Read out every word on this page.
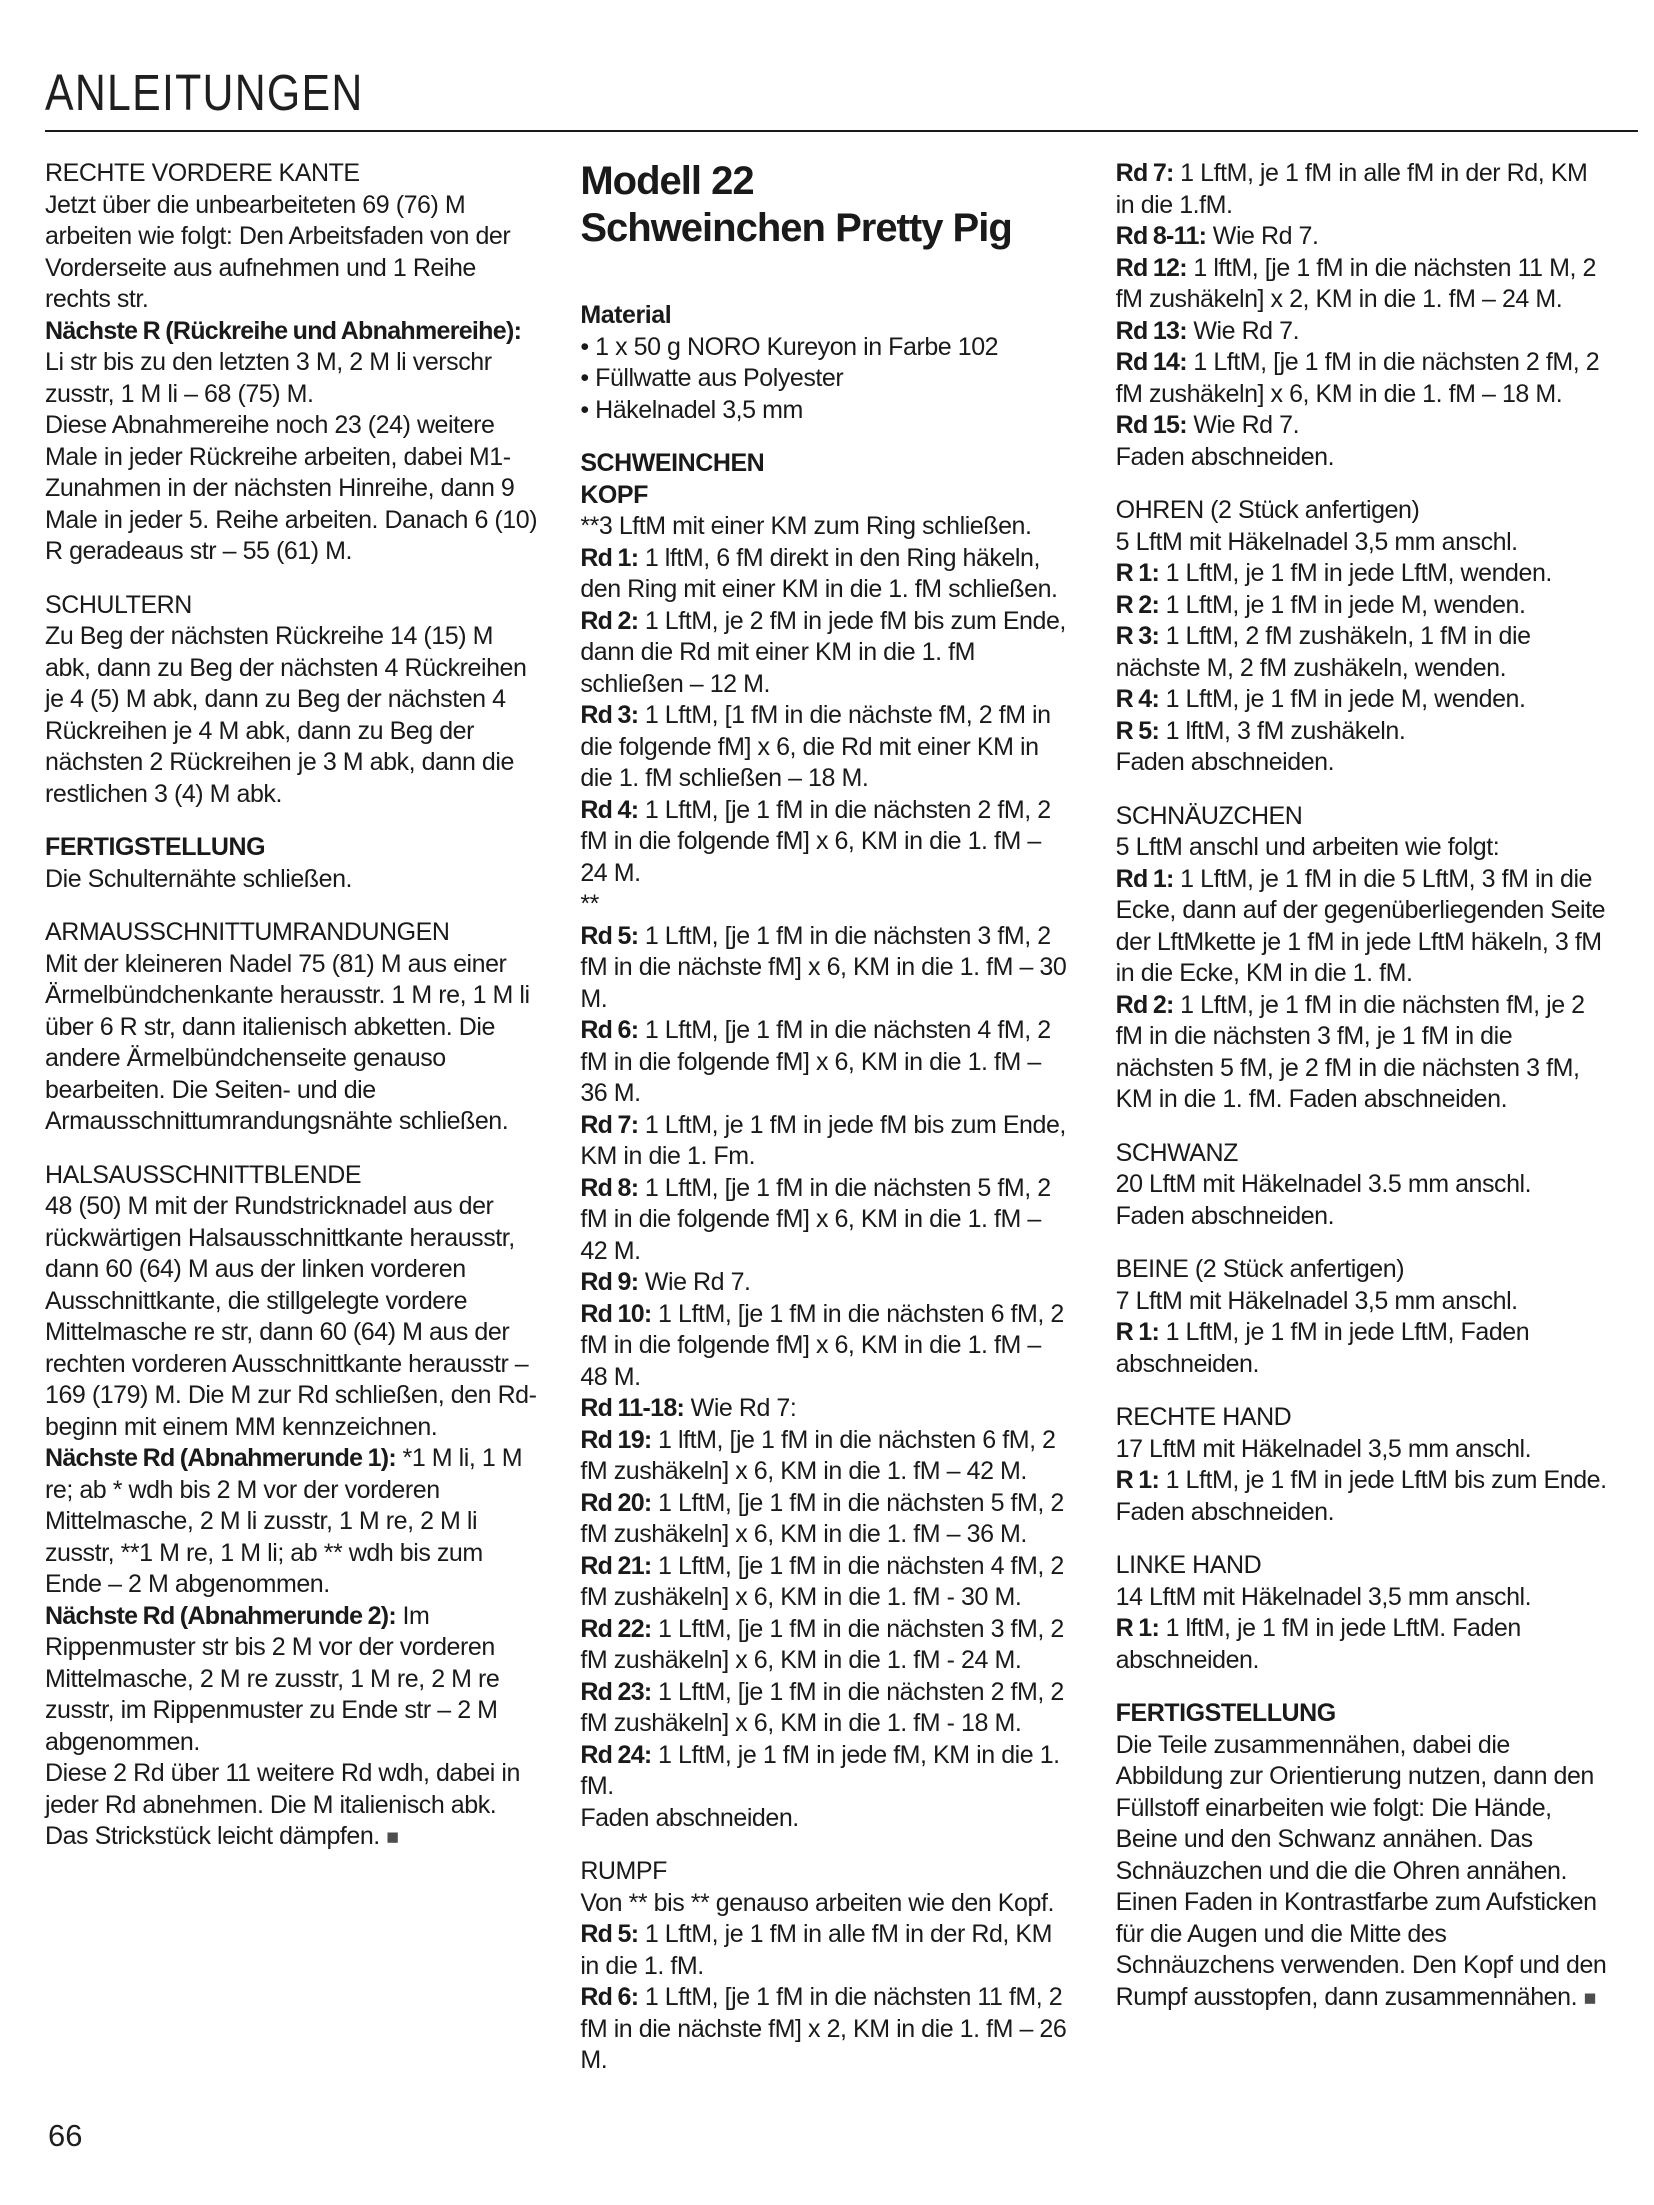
ANLEITUNGEN

RECHTE VORDERE KANTE

Jetzt über die unbearbeiteten 69 (76) M arbeiten wie folgt: Den Arbeitsfaden von der Vorderseite aus aufnehmen und 1 Reihe rechts str.

Nächste R (Rückreihe und Abnahmereihe): Li str bis zu den letzten 3 M, 2 M li verschr zusstr, 1 M li – 68 (75) M.

Diese Abnahmereihe noch 23 (24) weitere Male in jeder Rückreihe arbeiten, dabei M1-Zunahmen in der nächsten Hinreihe, dann 9 Male in jeder 5. Reihe arbeiten. Danach 6 (10) R geradeaus str – 55 (61) M.

SCHULTERN

Zu Beg der nächsten Rückreihe 14 (15) M abk, dann zu Beg der nächsten 4 Rückreihen je 4 (5) M abk, dann zu Beg der nächsten 4 Rückreihen je 4 M abk, dann zu Beg der nächsten 2 Rückreihen je 3 M abk, dann die restlichen 3 (4) M abk.

FERTIGSTELLUNG

Die Schulternähte schließen.

ARMAUSSCHNITTUMRANDUNGEN

Mit der kleineren Nadel 75 (81) M aus einer Ärmelbündchenkante herausstr. 1 M re, 1 M li über 6 R str, dann italienisch abketten. Die andere Ärmelbündchenseite genauso bearbeiten. Die Seiten- und die Armausschnittumrandungsnähte schließen.

HALSAUSSCHNITTBLENDE

48 (50) M mit der Rundstricknadel aus der rückwärtigen Halsausschnittkante herausstr, dann 60 (64) M aus der linken vorderen Ausschnittkante, die stillgelegte vordere Mittelmasche re str, dann 60 (64) M aus der rechten vorderen Ausschnittkante herausstr – 169 (179) M. Die M zur Rd schließen, den Rd-beginn mit einem MM kennzeichnen.

Nächste Rd (Abnahmerunde 1): *1 M li, 1 M re; ab * wdh bis 2 M vor der vorderen Mittelmasche, 2 M li zusstr, 1 M re, 2 M li zusstr, **1 M re, 1 M li; ab ** wdh bis zum Ende – 2 M abgenommen.

Nächste Rd (Abnahmerunde 2): Im Rippenmuster str bis 2 M vor der vorderen Mittelmasche, 2 M re zusstr, 1 M re, 2 M re zusstr, im Rippenmuster zu Ende str – 2 M abgenommen.

Diese 2 Rd über 11 weitere Rd wdh, dabei in jeder Rd abnehmen. Die M italienisch abk. Das Strickstück leicht dämpfen. ■

Modell 22
Schweinchen Pretty Pig

Material

• 1 x 50 g NORO Kureyon in Farbe 102

• Füllwatte aus Polyester

• Häkelnadel 3,5 mm

SCHWEINCHEN

KOPF

**3 LftM mit einer KM zum Ring schließen.

Rd 1: 1 lftM, 6 fM direkt in den Ring häkeln, den Ring mit einer KM in die 1. fM schließen.

Rd 2: 1 LftM, je 2 fM in jede fM bis zum Ende, dann die Rd mit einer KM in die 1. fM schließen – 12 M.

Rd 3: 1 LftM, [1 fM in die nächste fM, 2 fM in die folgende fM] x 6, die Rd mit einer KM in die 1. fM schließen – 18 M.

Rd 4: 1 LftM, [je 1 fM in die nächsten 2 fM, 2 fM in die folgende fM] x 6, KM in die 1. fM – 24 M.

**

Rd 5: 1 LftM, [je 1 fM in die nächsten 3 fM, 2 fM in die nächste fM] x 6, KM in die 1. fM – 30 M.

Rd 6: 1 LftM, [je 1 fM in die nächsten 4 fM, 2 fM in die folgende fM] x 6, KM in die 1. fM – 36 M.

Rd 7: 1 LftM, je 1 fM in jede fM bis zum Ende, KM in die 1. Fm.

Rd 8: 1 LftM, [je 1 fM in die nächsten 5 fM, 2 fM in die folgende fM] x 6, KM in die 1. fM – 42 M.

Rd 9: Wie Rd 7.

Rd 10: 1 LftM, [je 1 fM in die nächsten 6 fM, 2 fM in die folgende fM] x 6, KM in die 1. fM – 48 M.

Rd 11-18: Wie Rd 7:

Rd 19: 1 lftM, [je 1 fM in die nächsten 6 fM, 2 fM zushäkeln] x 6, KM in die 1. fM – 42 M.

Rd 20: 1 LftM, [je 1 fM in die nächsten 5 fM, 2 fM zushäkeln] x 6, KM in die 1. fM – 36 M.

Rd 21: 1 LftM, [je 1 fM in die nächsten 4 fM, 2 fM zushäkeln] x 6, KM in die 1. fM - 30 M.

Rd 22: 1 LftM, [je 1 fM in die nächsten 3 fM, 2 fM zushäkeln] x 6, KM in die 1. fM - 24 M.

Rd 23: 1 LftM, [je 1 fM in die nächsten 2 fM, 2 fM zushäkeln] x 6, KM in die 1. fM - 18 M.

Rd 24: 1 LftM, je 1 fM in jede fM, KM in die 1. fM.

Faden abschneiden.

RUMPF

Von ** bis ** genauso arbeiten wie den Kopf.

Rd 5: 1 LftM, je 1 fM in alle fM in der Rd, KM in die 1. fM.

Rd 6: 1 LftM, [je 1 fM in die nächsten 11 fM, 2 fM in die nächste fM] x 2, KM in die 1. fM – 26 M.

Rd 7: 1 LftM, je 1 fM in alle fM in der Rd, KM in die 1.fM.

Rd 8-11: Wie Rd 7.

Rd 12: 1 lftM, [je 1 fM in die nächsten 11 M, 2 fM zushäkeln] x 2, KM in die 1. fM – 24 M.

Rd 13: Wie Rd 7.

Rd 14: 1 LftM, [je 1 fM in die nächsten 2 fM, 2 fM zushäkeln] x 6, KM in die 1. fM – 18 M.

Rd 15: Wie Rd 7.

Faden abschneiden.

OHREN (2 Stück anfertigen)

5 LftM mit Häkelnadel 3,5 mm anschl.

R 1: 1 LftM, je 1 fM in jede LftM, wenden.

R 2: 1 LftM, je 1 fM in jede M, wenden.

R 3: 1 LftM, 2 fM zushäkeln, 1 fM in die nächste M, 2 fM zushäkeln, wenden.

R 4: 1 LftM, je 1 fM in jede M, wenden.

R 5: 1 lftM, 3 fM zushäkeln.

Faden abschneiden.

SCHNÄUZCHEN

5 LftM anschl und arbeiten wie folgt:

Rd 1: 1 LftM, je 1 fM in die 5 LftM, 3 fM in die Ecke, dann auf der gegenüberliegenden Seite der LftMkette je 1 fM in jede LftM häkeln, 3 fM in die Ecke, KM in die 1. fM.

Rd 2: 1 LftM, je 1 fM in die nächsten fM, je 2 fM in die nächsten 3 fM, je 1 fM in die nächsten 5 fM, je 2 fM in die nächsten 3 fM, KM in die 1. fM. Faden abschneiden.

SCHWANZ

20 LftM mit Häkelnadel 3.5 mm anschl.

Faden abschneiden.

BEINE (2 Stück anfertigen)

7 LftM mit Häkelnadel 3,5 mm anschl.

R 1: 1 LftM, je 1 fM in jede LftM, Faden abschneiden.

RECHTE HAND

17 LftM mit Häkelnadel 3,5 mm anschl.

R 1: 1 LftM, je 1 fM in jede LftM bis zum Ende.

Faden abschneiden.

LINKE HAND

14 LftM mit Häkelnadel 3,5 mm anschl.

R 1: 1 lftM, je 1 fM in jede LftM. Faden abschneiden.

FERTIGSTELLUNG

Die Teile zusammennähen, dabei die Abbildung zur Orientierung nutzen, dann den Füllstoff einarbeiten wie folgt: Die Hände, Beine und den Schwanz annähen. Das Schnäuzchen und die die Ohren annähen. Einen Faden in Kontrastfarbe zum Aufsticken für die Augen und die Mitte des Schnäuzchens verwenden. Den Kopf und den Rumpf ausstopfen, dann zusammennähen. ■

66
